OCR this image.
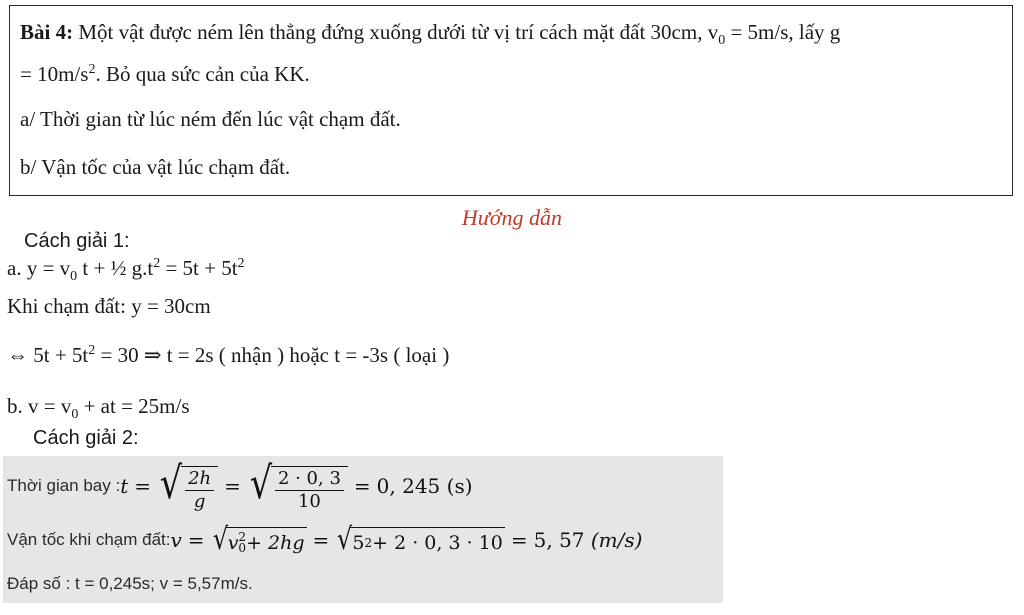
Bài 4: Một vật được ném lên thẳng đứng xuống dưới từ vị trí cách mặt đất 30cm, $v_0 = 5m/s$, lấy g
= $10m/s^2$. Bỏ qua sức cản của KK.
a/ Thời gian từ lúc ném đến lúc vật chạm đất.
b/ Vận tốc của vật lúc chạm đất.
Hướng dẫn
Cách giải 1:
a. $y = v_0$ t + ½ $g.t^2 = 5t + 5t^2$
Khi chạm đất: y = 30cm
⇔ $5t + 5t^2 = 30$ ⇒ t = 2s ( nhận ) hoặc t = -3s ( loại )
b. $v = v_0$ + at = 25m/s
Cách giải 2:
Thời gian bay : t = √ $\frac{2h}{g}$ = √ $\frac{2 \cdot 0, 3}{10} = 0$, 245
(s)
Vận tốc khi chạm đất: v = √ v 2
0 + 2hg = √ 5 2 + 2 · 0, 3 · 10 = 5, 57
(m/s)
Đáp số : t = 0,245s; v = 5,57m/s.
